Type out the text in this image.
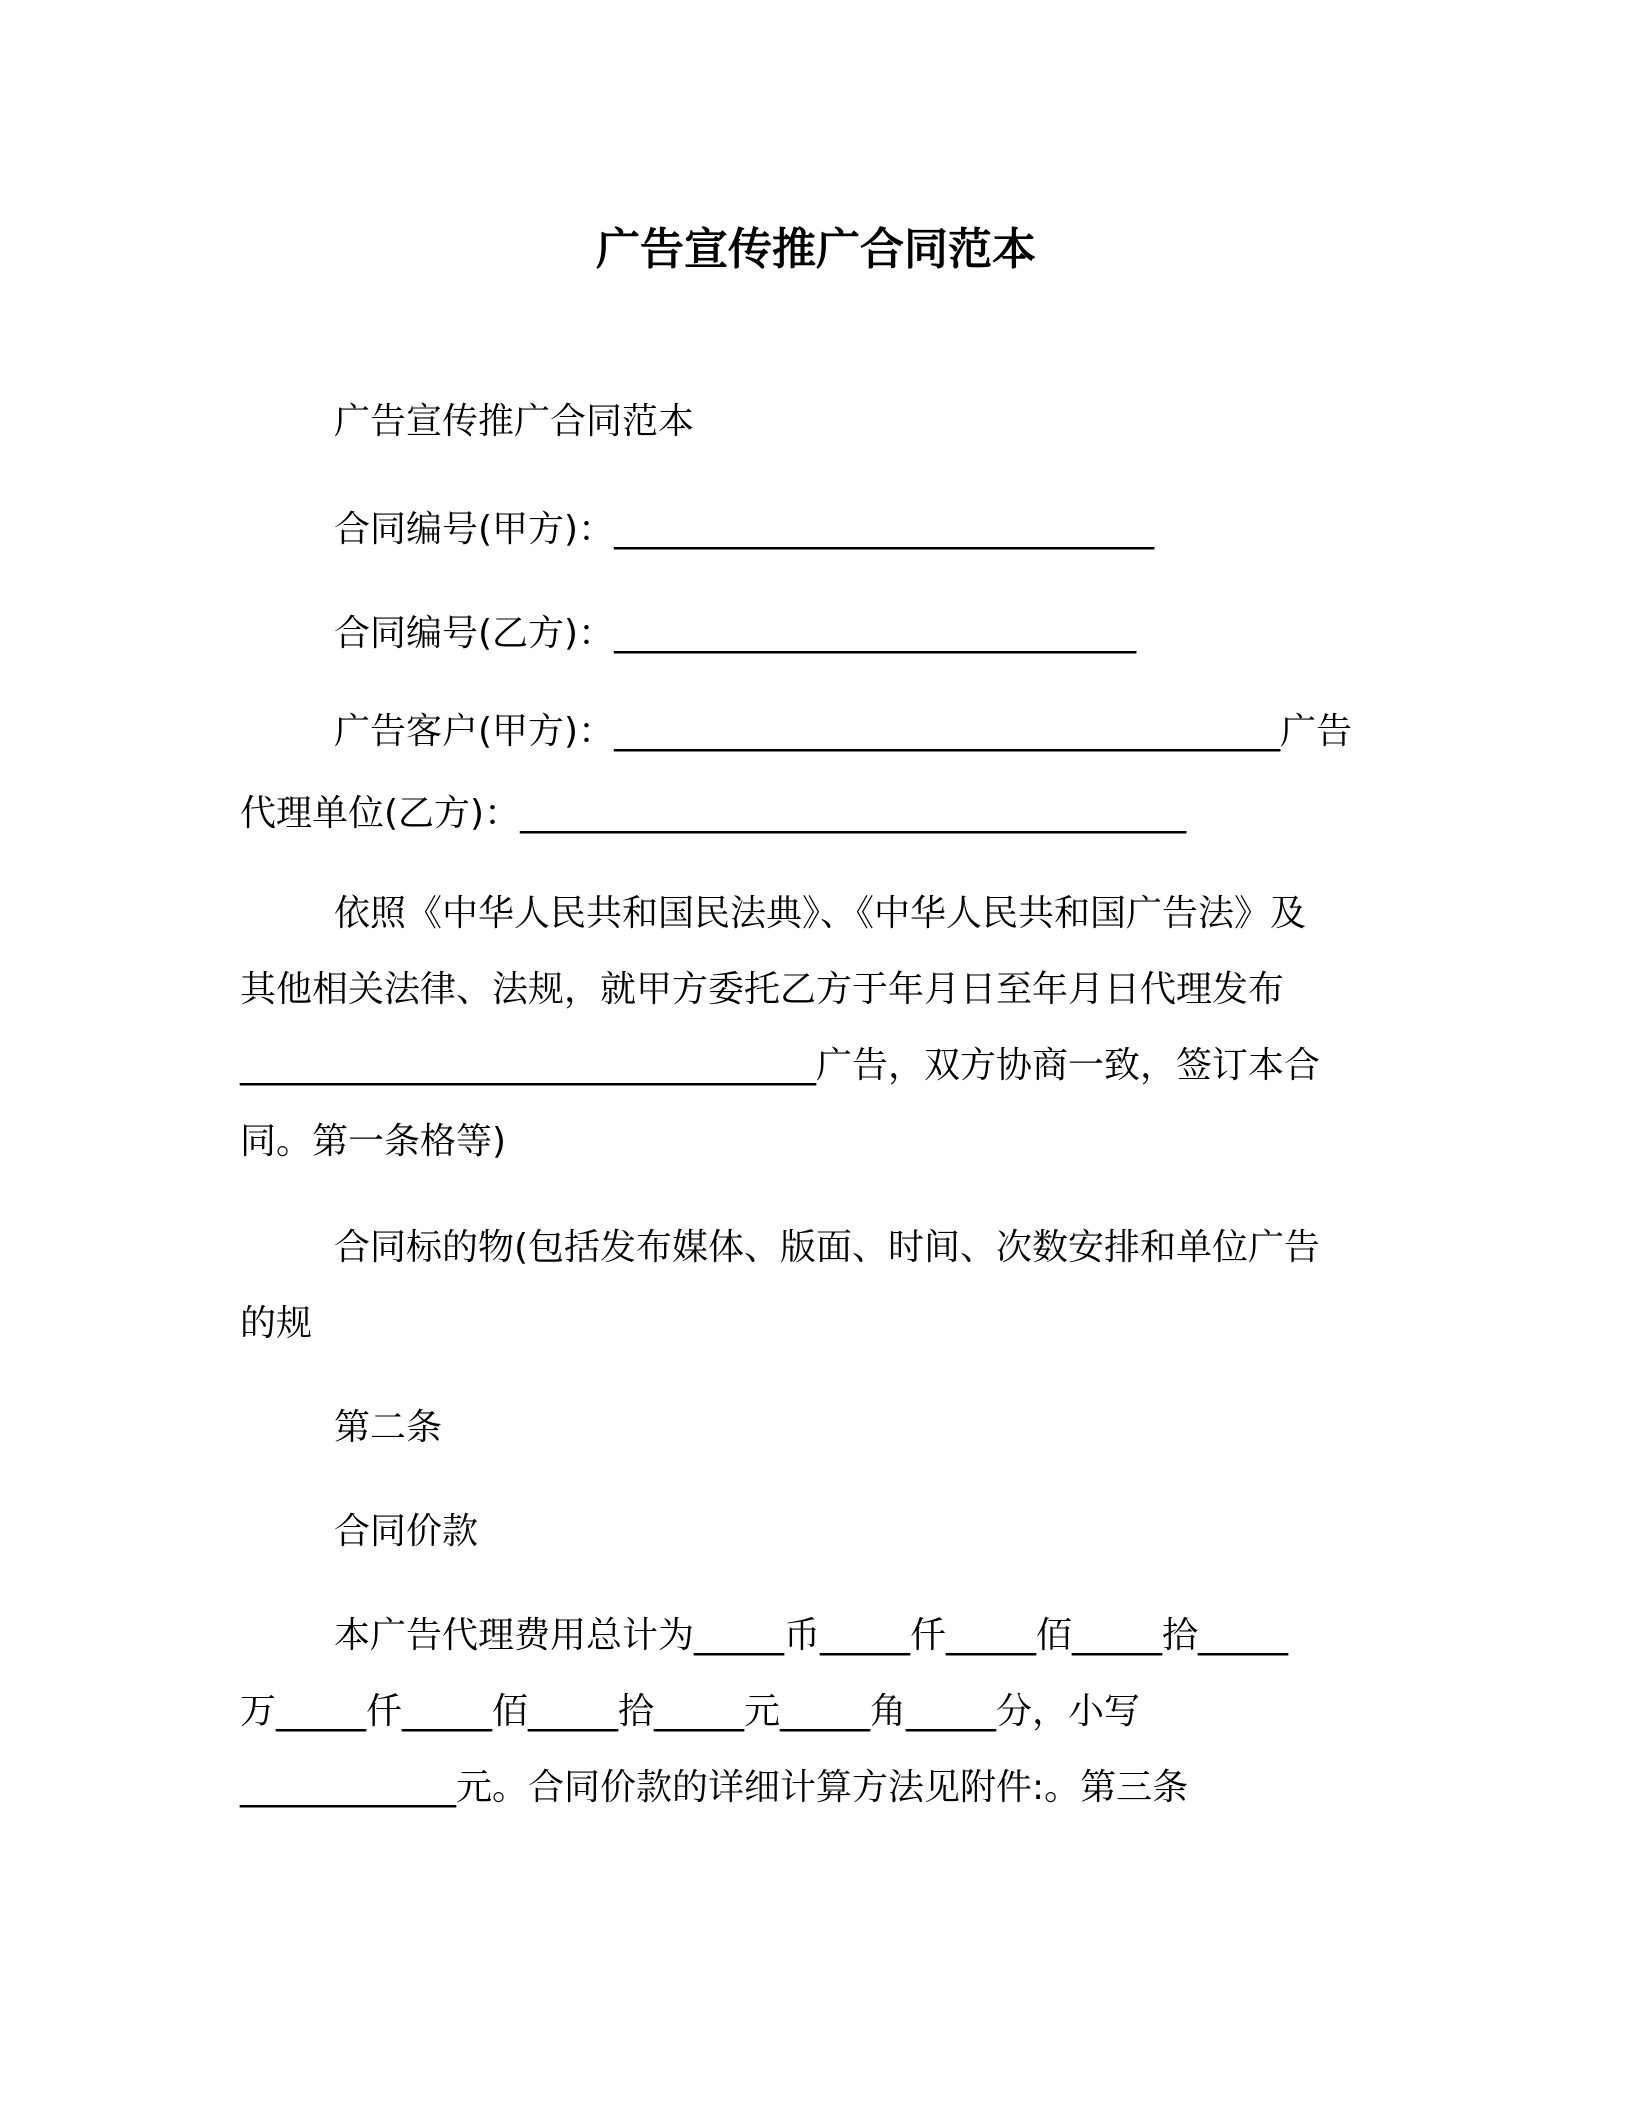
广告宣传推广合同范本
广告宣传推广合同范本
合同编号(甲方)：______________________________
合同编号(乙方)：_____________________________
广告客户(甲方)：_____________________________________广告
代理单位(乙方)：_____________________________________
依照《中华人民共和国民法典》、《中华人民共和国广告法》及
其他相关法律、法规，就甲方委托乙方于年月日至年月日代理发布
________________________________广告，双方协商一致，签订本合
同。第一条格等)
合同标的物(包括发布媒体、版面、时间、次数安排和单位广告
的规
第二条
合同价款
本广告代理费用总计为_____币_____仟_____佰_____拾_____
万_____仟_____佰_____拾_____元_____角_____分，小写
____________元。合同价款的详细计算方法见附件:。第三条
